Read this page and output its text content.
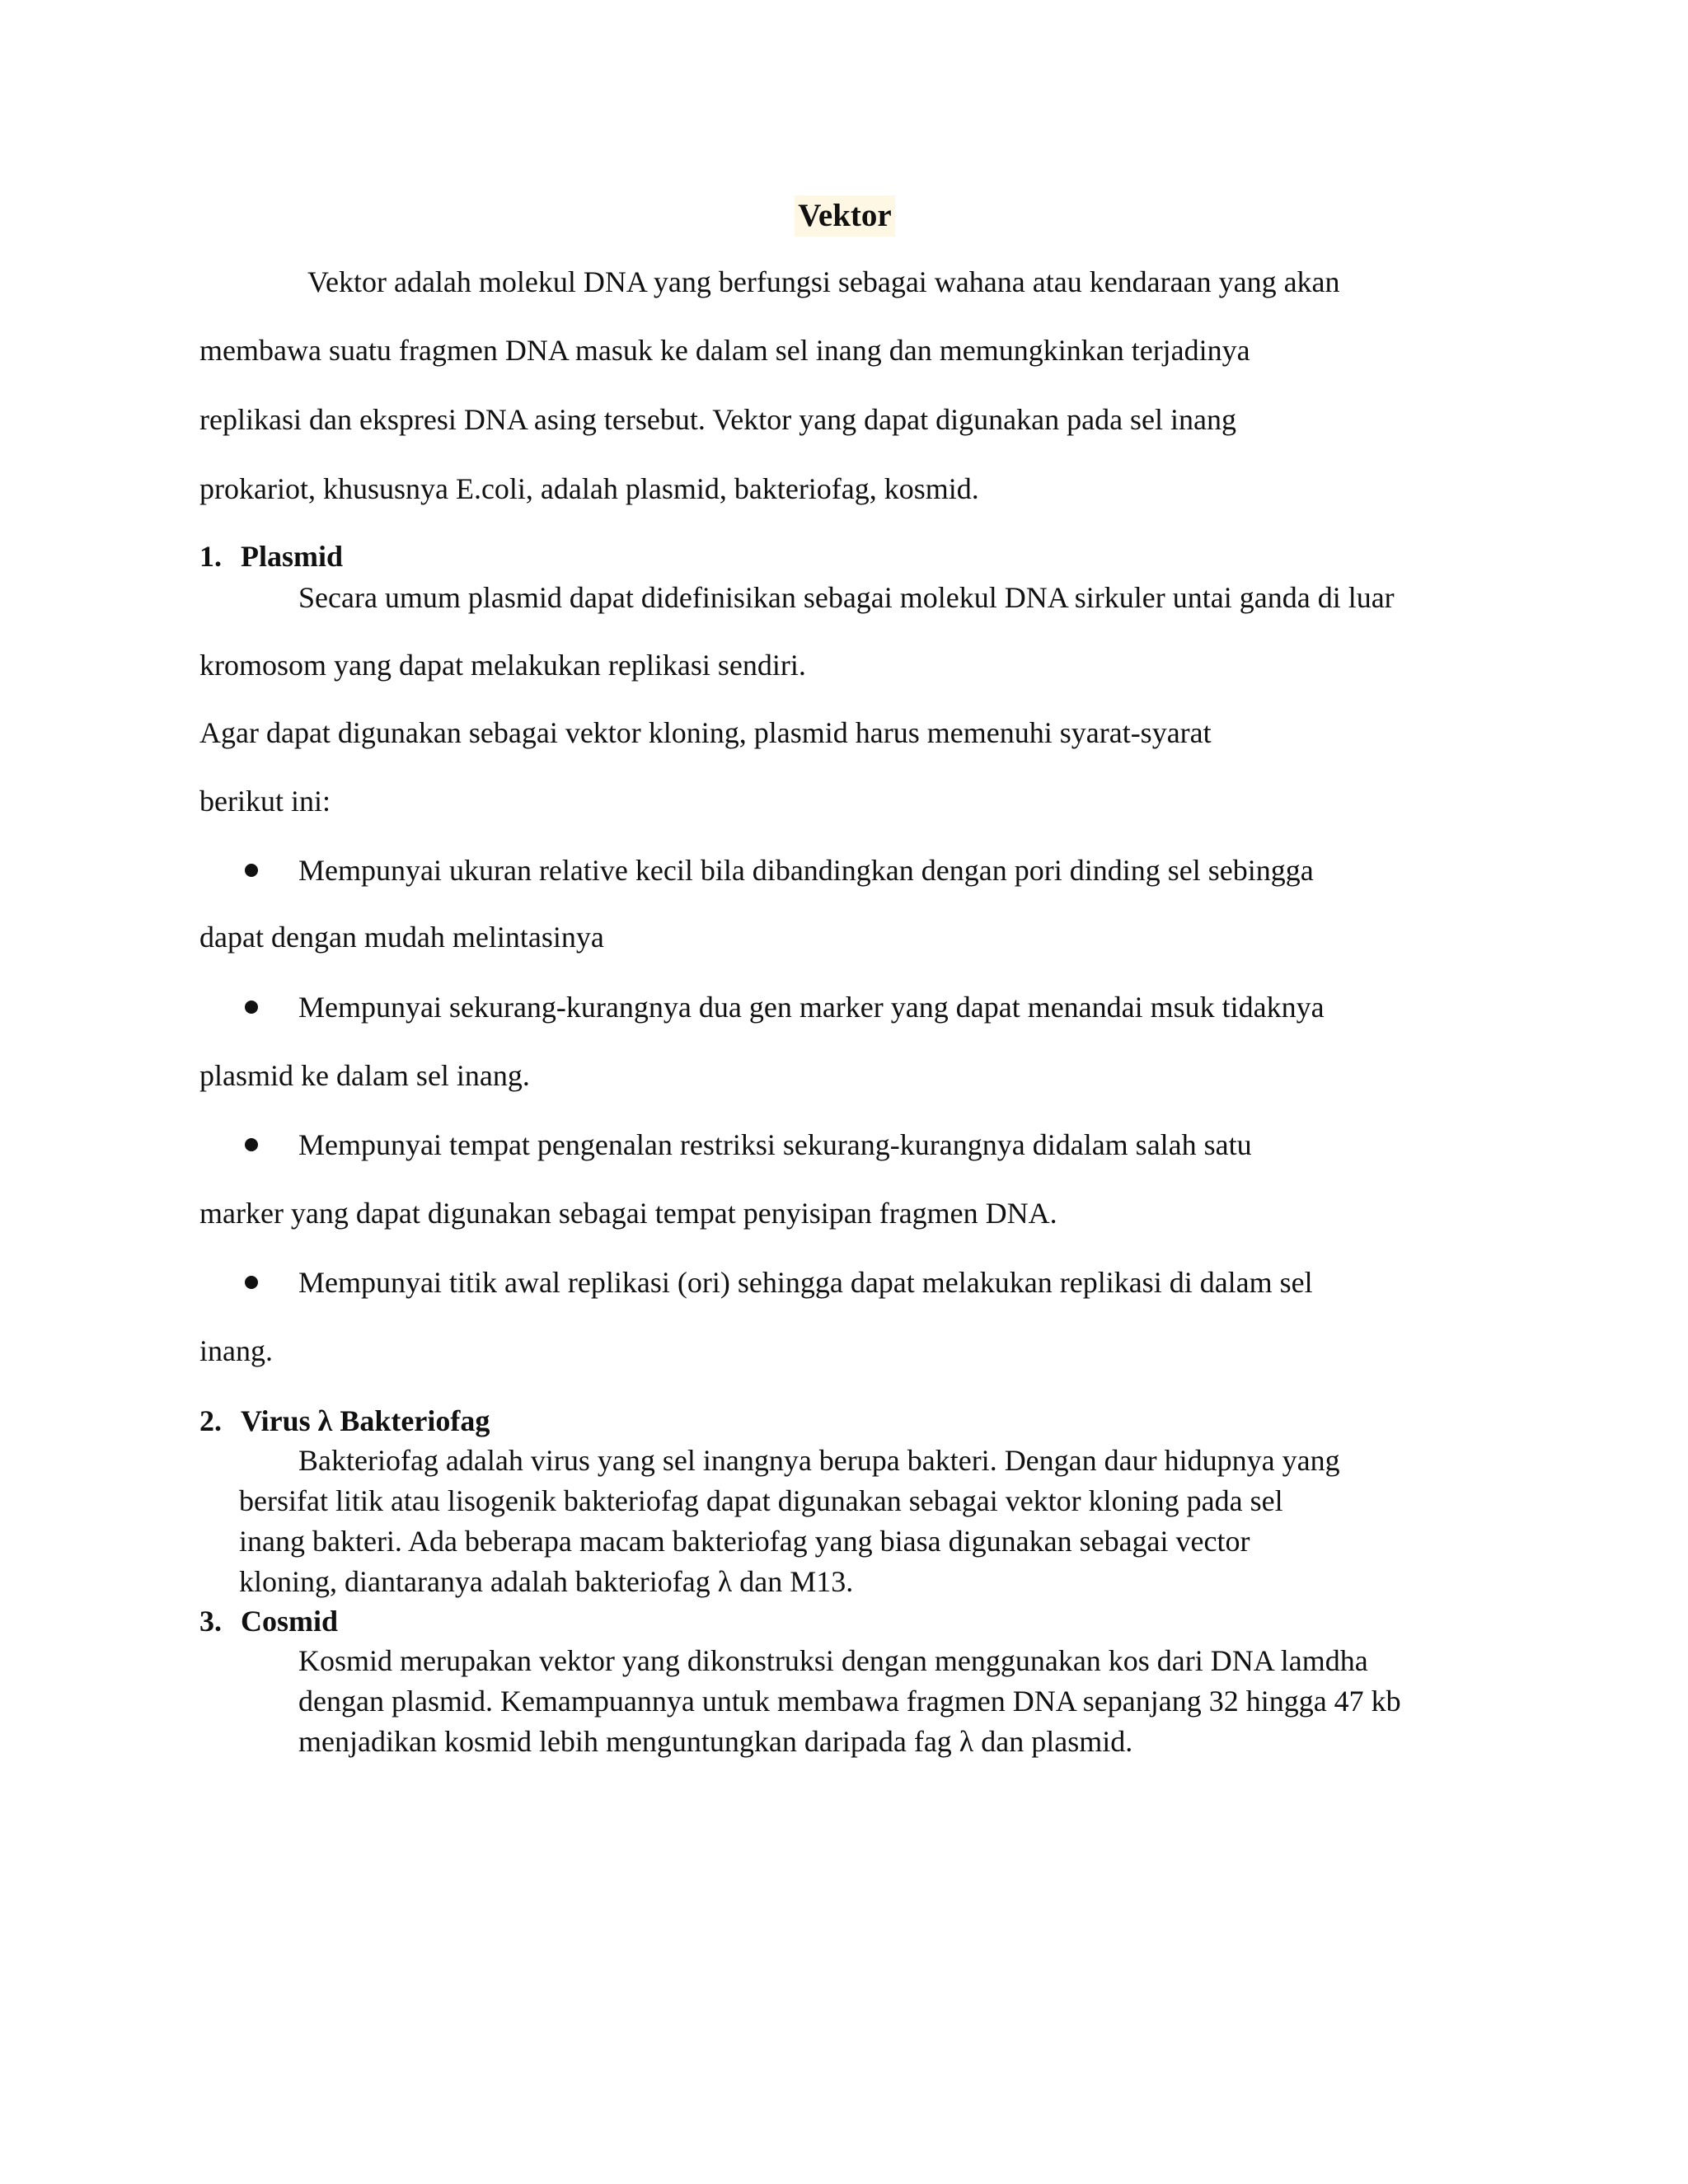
Vektor
Vektor adalah molekul DNA yang berfungsi sebagai wahana atau kendaraan yang akan
membawa suatu fragmen DNA masuk ke dalam sel inang dan memungkinkan terjadinya
replikasi dan ekspresi DNA asing tersebut. Vektor yang dapat digunakan pada sel inang
prokariot, khususnya E.coli, adalah plasmid, bakteriofag, kosmid.
1. Plasmid
Secara umum plasmid dapat didefinisikan sebagai molekul DNA sirkuler untai ganda di luar
kromosom yang dapat melakukan replikasi sendiri.
Agar dapat digunakan sebagai vektor kloning, plasmid harus memenuhi syarat-syarat
berikut ini:
Mempunyai ukuran relative kecil bila dibandingkan dengan pori dinding sel sebingga
dapat dengan mudah melintasinya
Mempunyai sekurang-kurangnya dua gen marker yang dapat menandai msuk tidaknya
plasmid ke dalam sel inang.
Mempunyai tempat pengenalan restriksi sekurang-kurangnya didalam salah satu
marker yang dapat digunakan sebagai tempat penyisipan fragmen DNA.
Mempunyai titik awal replikasi (ori) sehingga dapat melakukan replikasi di dalam sel
inang.
2. Virus λ Bakteriofag
Bakteriofag adalah virus yang sel inangnya berupa bakteri. Dengan daur hidupnya yang
bersifat litik atau lisogenik bakteriofag dapat digunakan sebagai vektor kloning pada sel
inang bakteri. Ada beberapa macam bakteriofag yang biasa digunakan sebagai vector
kloning, diantaranya adalah bakteriofag λ dan M13.
3. Cosmid
Kosmid merupakan vektor yang dikonstruksi dengan menggunakan kos dari DNA lamdha
dengan plasmid. Kemampuannya untuk membawa fragmen DNA sepanjang 32 hingga 47 kb
menjadikan kosmid lebih menguntungkan daripada fag λ dan plasmid.
